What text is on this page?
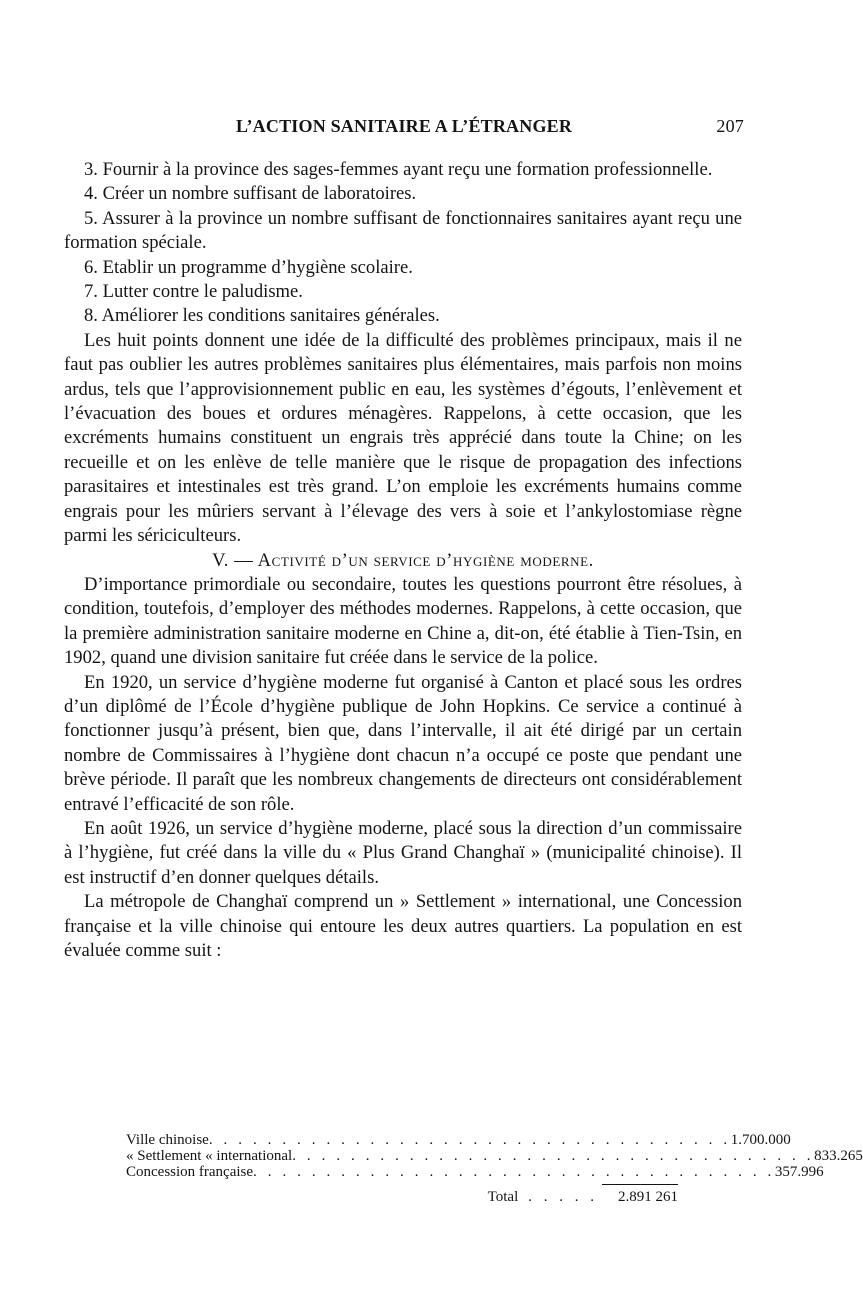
L’ACTION SANITAIRE A L’ÉTRANGER	207

3. Fournir à la province des sages-femmes ayant reçu une formation professionnelle.

4. Créer un nombre suffisant de laboratoires.

5. Assurer à la province un nombre suffisant de fonctionnaires sanitaires ayant reçu une formation spéciale.

6. Etablir un programme d’hygiène scolaire.

7. Lutter contre le paludisme.

8. Améliorer les conditions sanitaires générales.

Les huit points donnent une idée de la difficulté des problèmes principaux, mais il ne faut pas oublier les autres problèmes sanitaires plus élémentaires, mais parfois non moins ardus, tels que l’approvisionnement public en eau, les systèmes d’égouts, l’enlèvement et l’évacuation des boues et ordures ménagères. Rappelons, à cette occasion, que les excréments humains constituent un engrais très apprécié dans toute la Chine; on les recueille et on les enlève de telle manière que le risque de propagation des infections parasitaires et intestinales est très grand. L’on emploie les excréments humains comme engrais pour les mûriers servant à l’élevage des vers à soie et l’ankylostomiase règne parmi les sériciculteurs.

V. — Activité d’un service d’hygiène moderne.

D’importance primordiale ou secondaire, toutes les questions pourront être résolues, à condition, toutefois, d’employer des méthodes modernes. Rappelons, à cette occasion, que la première administration sanitaire moderne en Chine a, dit-on, été établie à Tien-Tsin, en 1902, quand une division sanitaire fut créée dans le service de la police.

En 1920, un service d’hygiène moderne fut organisé à Canton et placé sous les ordres d’un diplômé de l’École d’hygiène publique de John Hopkins. Ce service a continué à fonctionner jusqu’à présent, bien que, dans l’intervalle, il ait été dirigé par un certain nombre de Commissaires à l’hygiène dont chacun n’a occupé ce poste que pendant une brève période. Il paraît que les nombreux changements de directeurs ont considérablement entravé l’efficacité de son rôle.

En août 1926, un service d’hygiène moderne, placé sous la direction d’un commissaire à l’hygiène, fut créé dans la ville du « Plus Grand Changhaï » (municipalité chinoise). Il est instructif d’en donner quelques détails.

La métropole de Changhaï comprend un » Settlement » international, une Concession française et la ville chinoise qui entoure les deux autres quartiers. La population en est évaluée comme suit :

Ville chinoise . . . . . . . . . . . . . . . . . . . . . . . . . . . . . . . . . . . . 1.700.000
« Settlement « international . . . . . . . . . . . . . . . . . . . . . . . . . . . . . . . . . . . . 833.265
Concession française . . . . . . . . . . . . . . . . . . . . . . . . . . . . . . . . . . . . 357.996
Total . . . . .	2.891 261
